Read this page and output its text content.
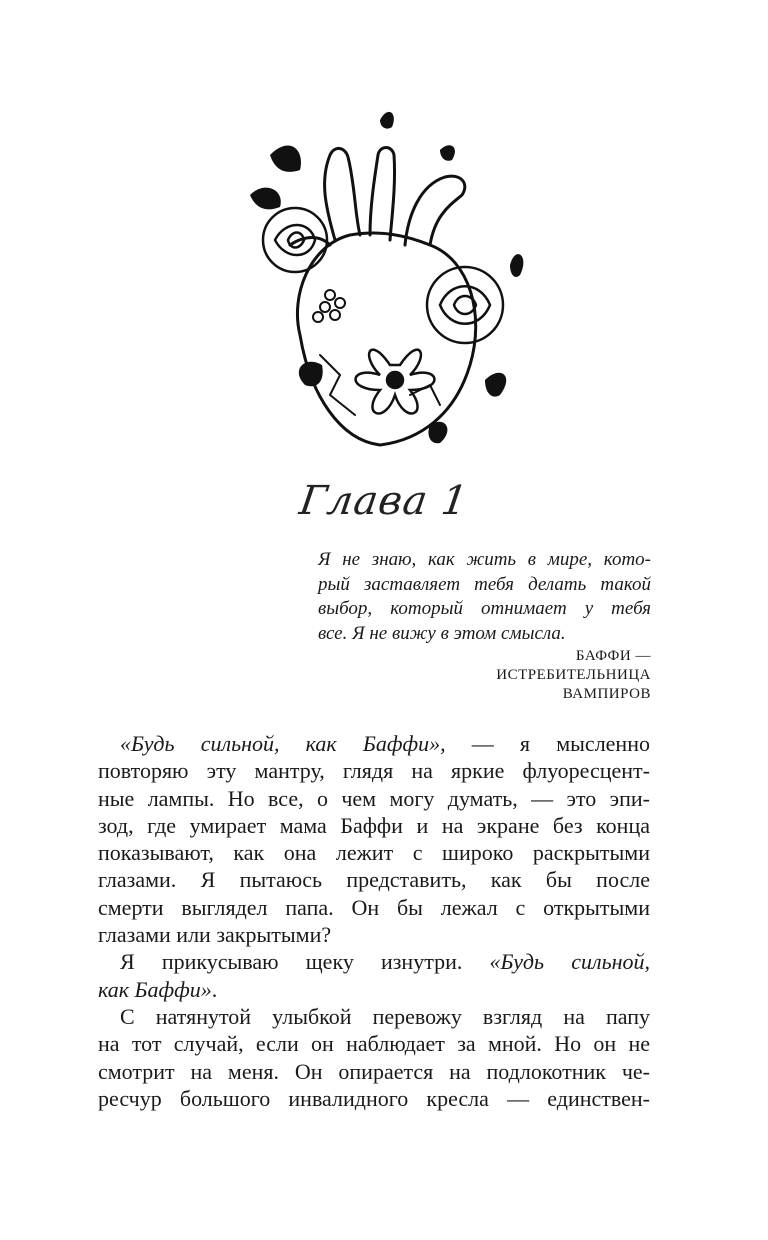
Глава 1
Я не знаю, как жить в мире, кото-
рый заставляет тебя делать такой
выбор, который отнимает у тебя
все. Я не вижу в этом смысла.
БАФФИ —
ИСТРЕБИТЕЛЬНИЦА
ВАМПИРОВ
«Будь сильной, как Баффи», — я мысленно
повторяю эту мантру, глядя на яркие флуоресцент-
ные лампы. Но все, о чем могу думать, — это эпи-
зод, где умирает мама Баффи и на экране без конца
показывают, как она лежит с широко раскрытыми
глазами. Я пытаюсь представить, как бы после
смерти выглядел папа. Он бы лежал с открытыми
глазами или закрытыми?
Я прикусываю щеку изнутри. «Будь сильной,
как Баффи».
С натянутой улыбкой перевожу взгляд на папу
на тот случай, если он наблюдает за мной. Но он не
смотрит на меня. Он опирается на подлокотник че-
ресчур большого инвалидного кресла — единствен-
